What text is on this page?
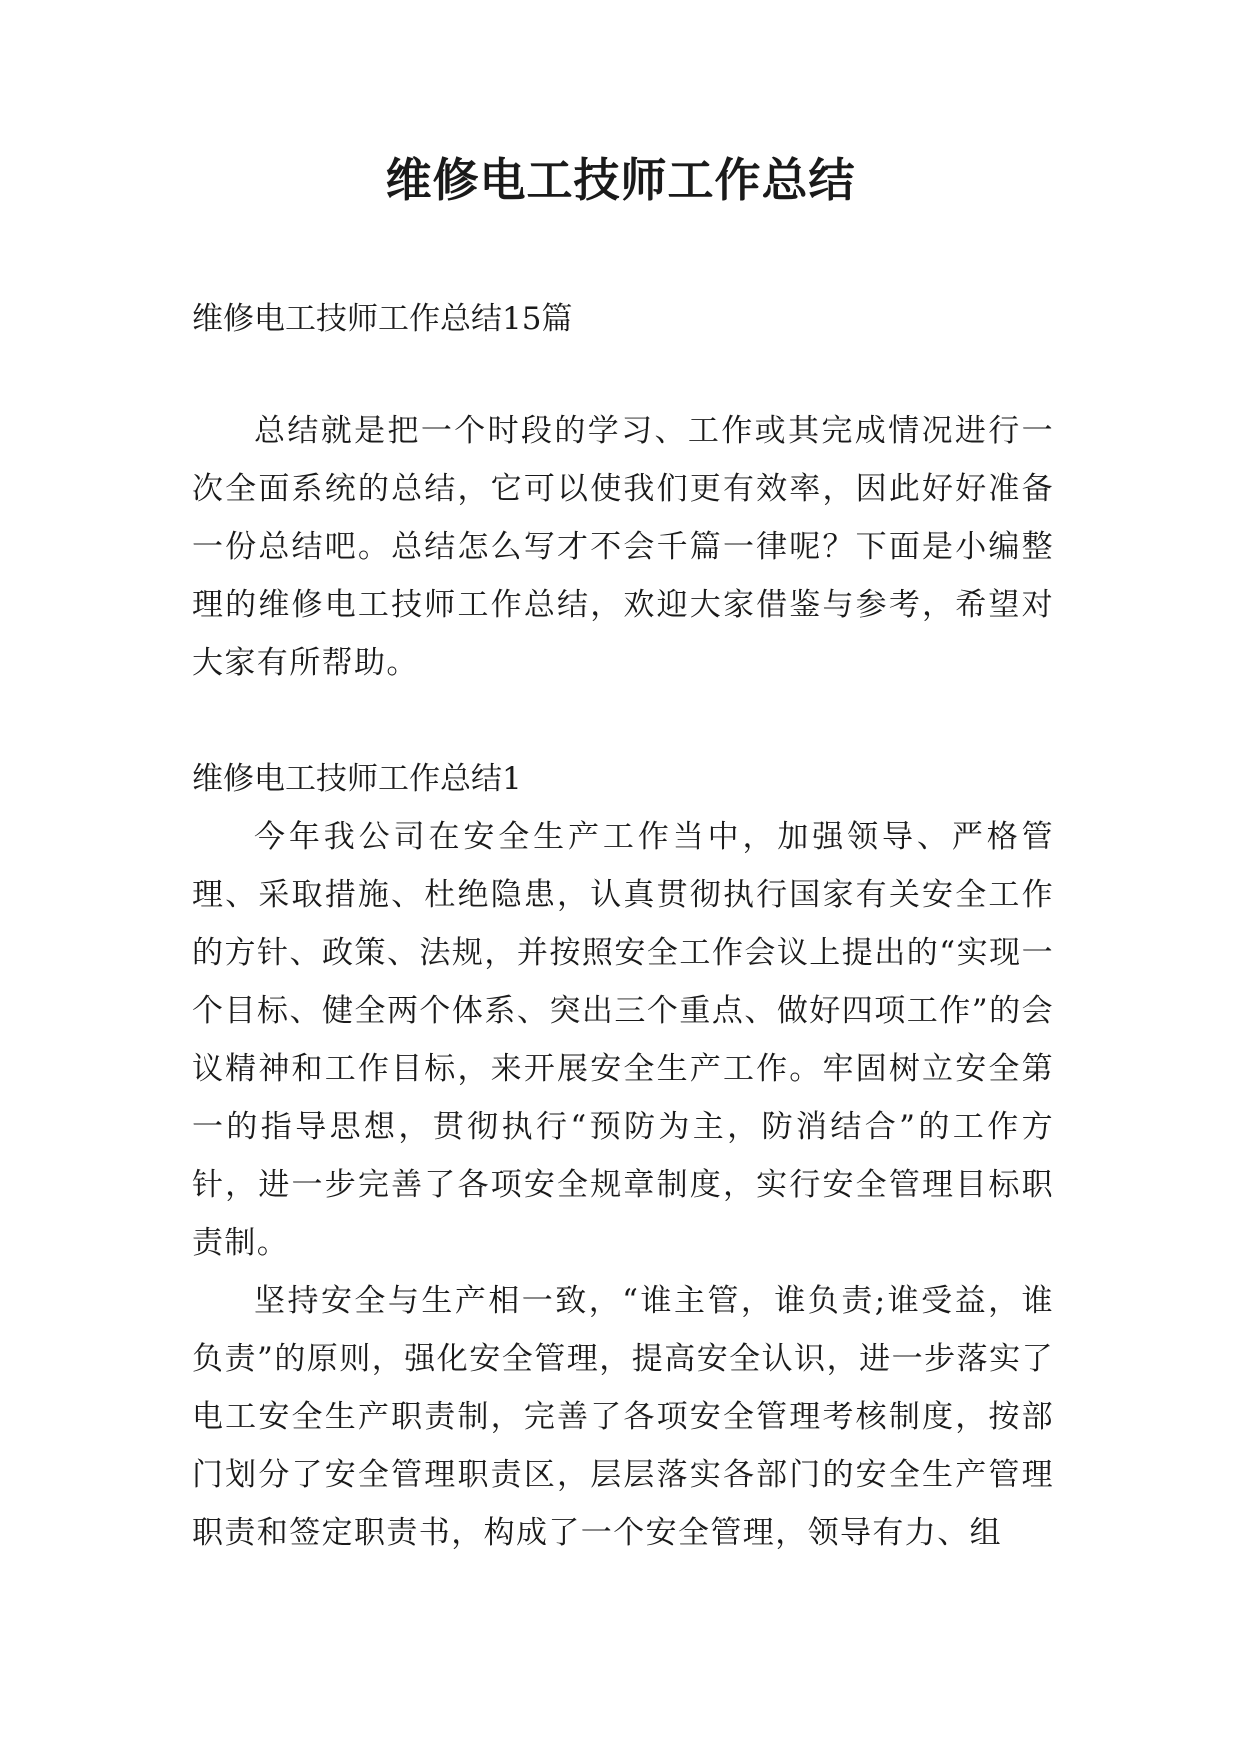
维修电工技师工作总结

维修电工技师工作总结15篇

总结就是把一个时段的学习、工作或其完成情况进行一次全面系统的总结，它可以使我们更有效率，因此好好准备一份总结吧。总结怎么写才不会千篇一律呢？下面是小编整理的维修电工技师工作总结，欢迎大家借鉴与参考，希望对大家有所帮助。

维修电工技师工作总结1

今年我公司在安全生产工作当中，加强领导、严格管理、采取措施、杜绝隐患，认真贯彻执行国家有关安全工作的方针、政策、法规，并按照安全工作会议上提出的“实现一个目标、健全两个体系、突出三个重点、做好四项工作”的会议精神和工作目标，来开展安全生产工作。牢固树立安全第一的指导思想，贯彻执行“预防为主，防消结合”的工作方针，进一步完善了各项安全规章制度，实行安全管理目标职责制。

坚持安全与生产相一致，“谁主管，谁负责;谁受益，谁负责”的原则，强化安全管理，提高安全认识，进一步落实了电工安全生产职责制，完善了各项安全管理考核制度，按部门划分了安全管理职责区，层层落实各部门的安全生产管理职责和签定职责书，构成了一个安全管理，领导有力、组
